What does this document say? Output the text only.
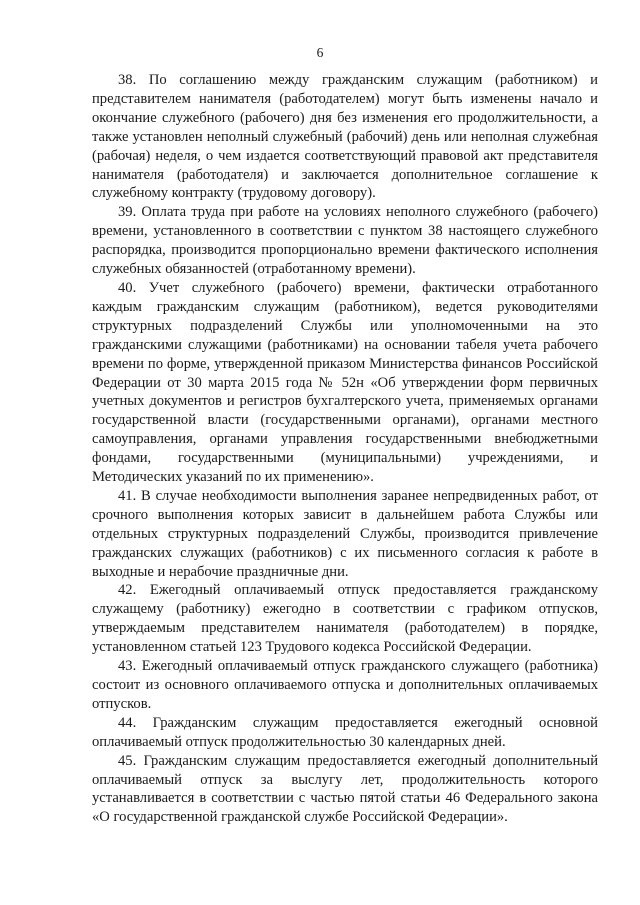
6

38. По соглашению между гражданским служащим (работником) и представителем нанимателя (работодателем) могут быть изменены начало и окончание служебного (рабочего) дня без изменения его продолжительности, а также установлен неполный служебный (рабочий) день или неполная служебная (рабочая) неделя, о чем издается соответствующий правовой акт представителя нанимателя (работодателя) и заключается дополнительное соглашение к служебному контракту (трудовому договору).

39. Оплата труда при работе на условиях неполного служебного (рабочего) времени, установленного в соответствии с пунктом 38 настоящего служебного распорядка, производится пропорционально времени фактического исполнения служебных обязанностей (отработанному времени).

40. Учет служебного (рабочего) времени, фактически отработанного каждым гражданским служащим (работником), ведется руководителями структурных подразделений Службы или уполномоченными на это гражданскими служащими (работниками) на основании табеля учета рабочего времени по форме, утвержденной приказом Министерства финансов Российской Федерации от 30 марта 2015 года № 52н «Об утверждении форм первичных учетных документов и регистров бухгалтерского учета, применяемых органами государственной власти (государственными органами), органами местного самоуправления, органами управления государственными внебюджетными фондами, государственными (муниципальными) учреждениями, и Методических указаний по их применению».

41. В случае необходимости выполнения заранее непредвиденных работ, от срочного выполнения которых зависит в дальнейшем работа Службы или отдельных структурных подразделений Службы, производится привлечение гражданских служащих (работников) с их письменного согласия к работе в выходные и нерабочие праздничные дни.

42. Ежегодный оплачиваемый отпуск предоставляется гражданскому служащему (работнику) ежегодно в соответствии с графиком отпусков, утверждаемым представителем нанимателя (работодателем) в порядке, установленном статьей 123 Трудового кодекса Российской Федерации.

43. Ежегодный оплачиваемый отпуск гражданского служащего (работника) состоит из основного оплачиваемого отпуска и дополнительных оплачиваемых отпусков.

44. Гражданским служащим предоставляется ежегодный основной оплачиваемый отпуск продолжительностью 30 календарных дней.

45. Гражданским служащим предоставляется ежегодный дополнительный оплачиваемый отпуск за выслугу лет, продолжительность которого устанавливается в соответствии с частью пятой статьи 46 Федерального закона «О государственной гражданской службе Российской Федерации».
